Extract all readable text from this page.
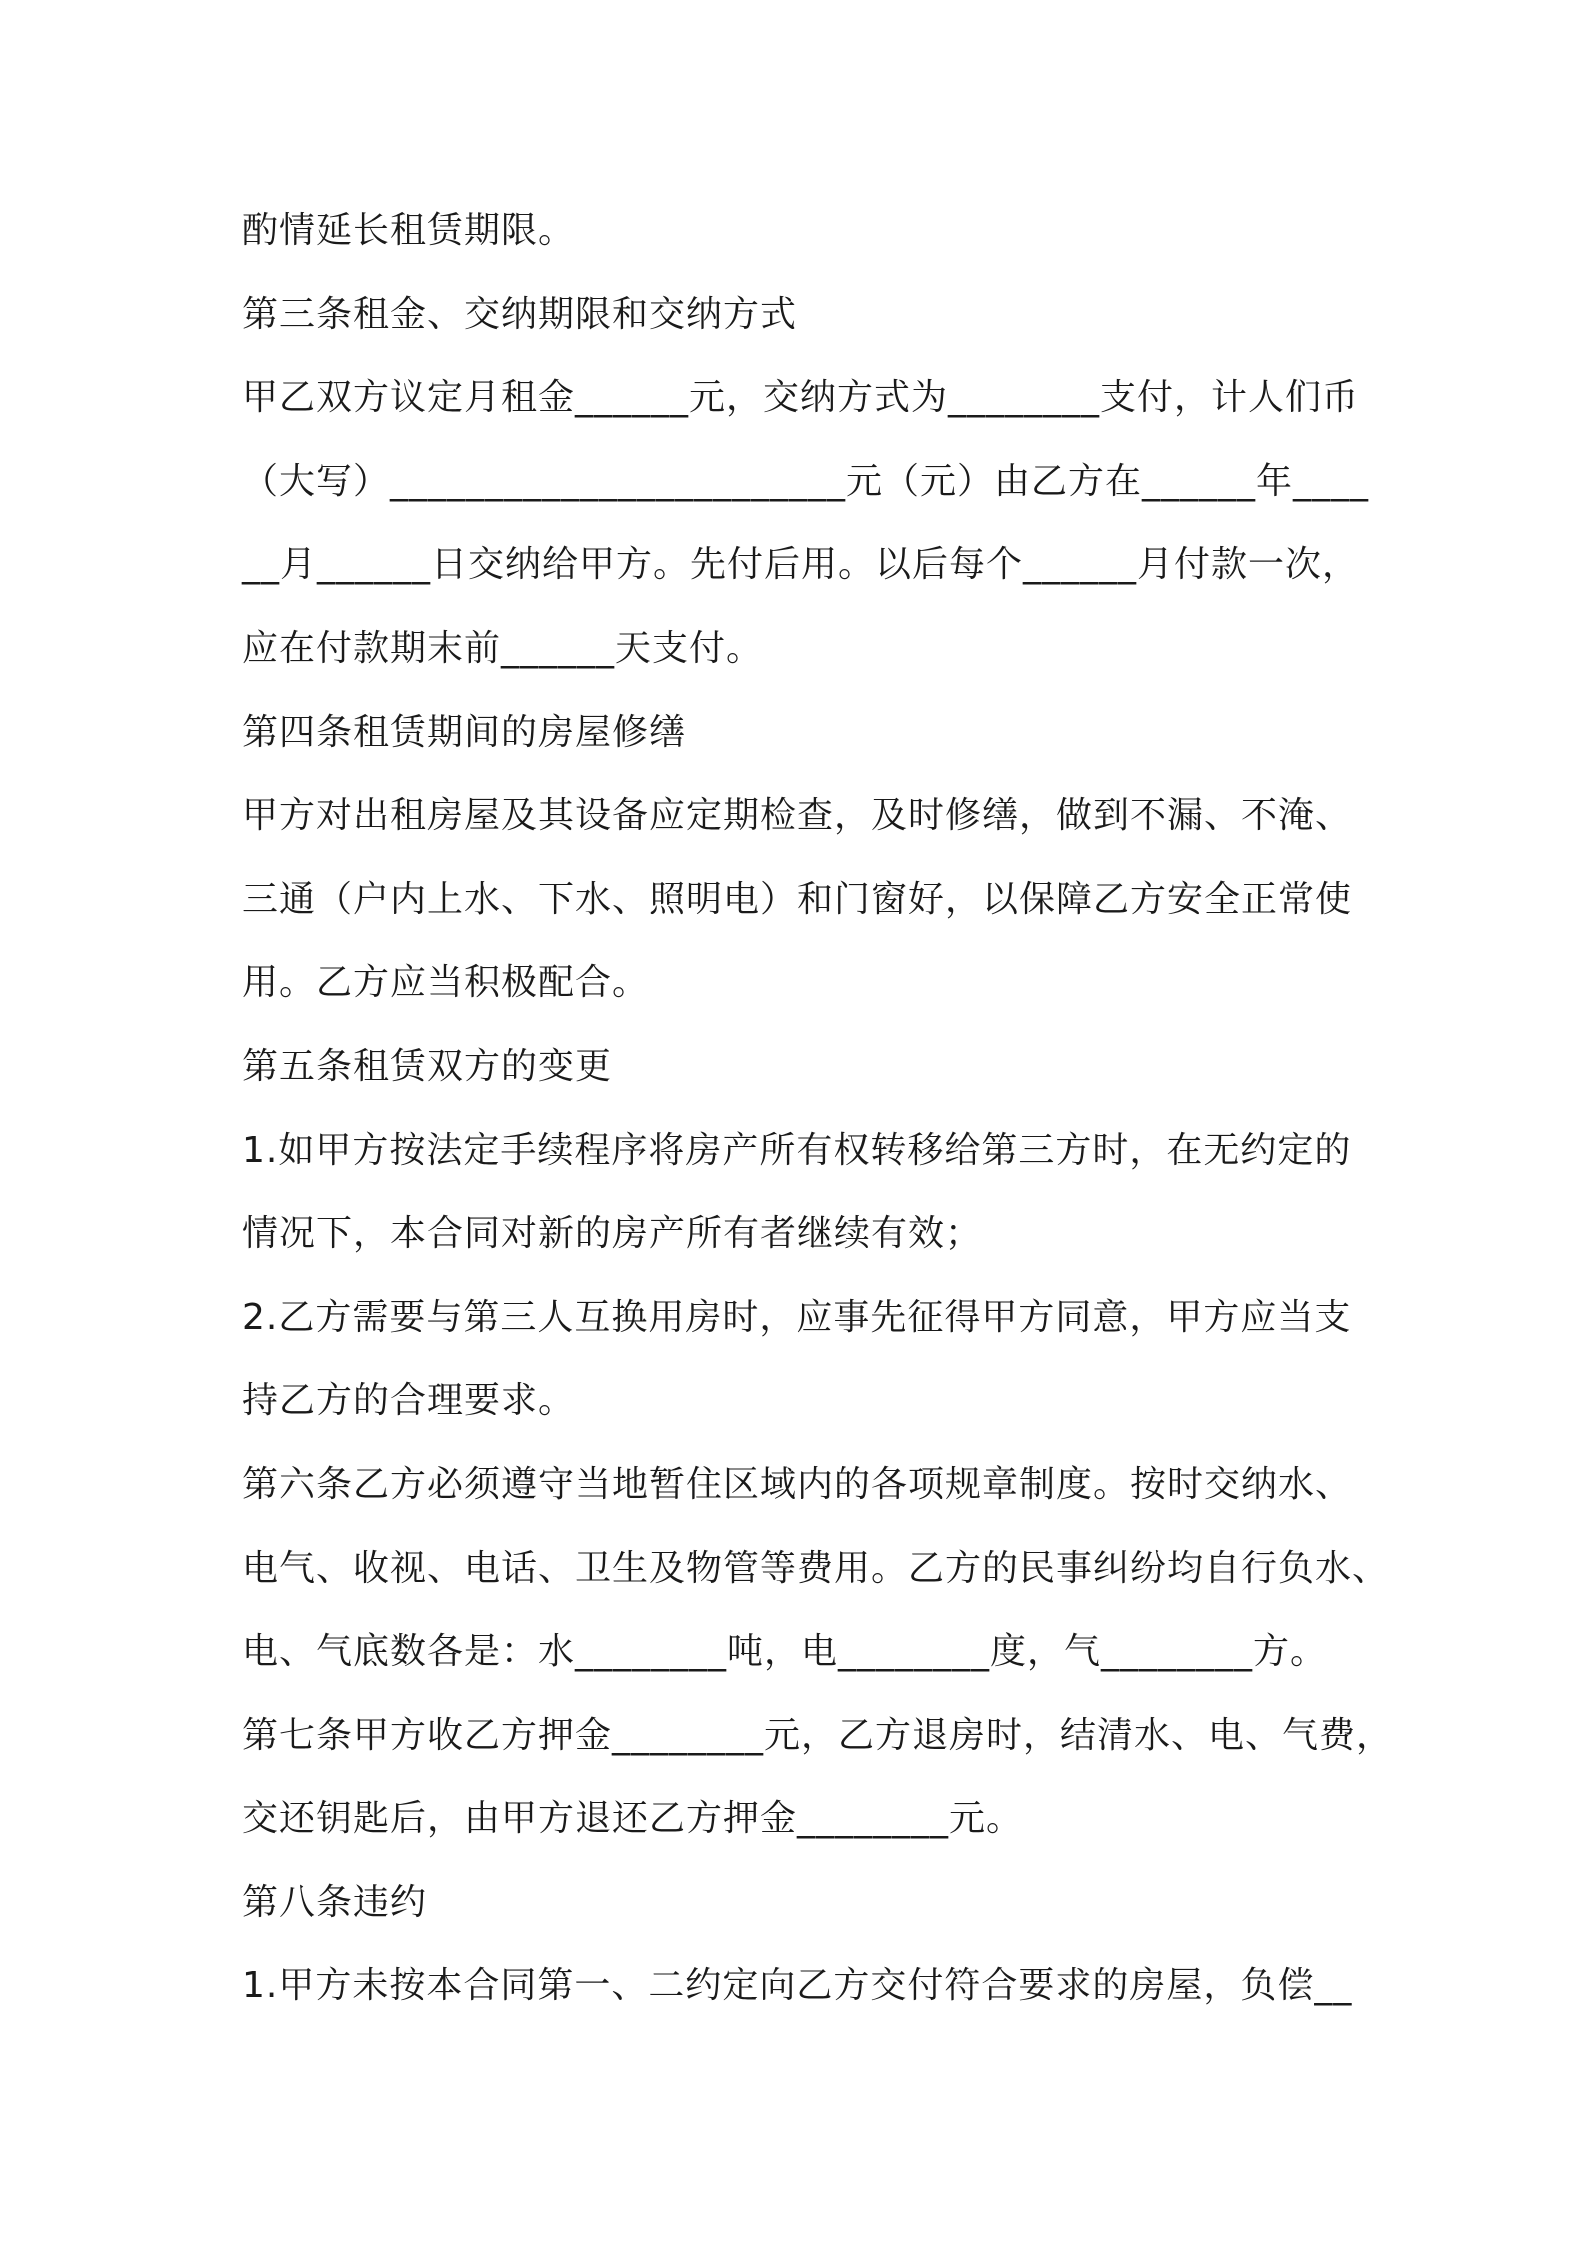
酌情延长租赁期限。
第三条租金、交纳期限和交纳方式
甲乙双方议定月租金______元，交纳方式为________支付，计人们币
（大写）________________________元（元）由乙方在______年____
__月______日交纳给甲方。先付后用。以后每个______月付款一次，
应在付款期末前______天支付。
第四条租赁期间的房屋修缮
甲方对出租房屋及其设备应定期检查，及时修缮，做到不漏、不淹、
三通（户内上水、下水、照明电）和门窗好，以保障乙方安全正常使
用。乙方应当积极配合。
第五条租赁双方的变更
1.如甲方按法定手续程序将房产所有权转移给第三方时，在无约定的
情况下，本合同对新的房产所有者继续有效；
2.乙方需要与第三人互换用房时，应事先征得甲方同意，甲方应当支
持乙方的合理要求。
第六条乙方必须遵守当地暂住区域内的各项规章制度。按时交纳水、
电气、收视、电话、卫生及物管等费用。乙方的民事纠纷均自行负水、
电、气底数各是：水________吨，电________度，气________方。
第七条甲方收乙方押金________元，乙方退房时，结清水、电、气费，
交还钥匙后，由甲方退还乙方押金________元。
第八条违约
1.甲方未按本合同第一、二约定向乙方交付符合要求的房屋，负偿__
